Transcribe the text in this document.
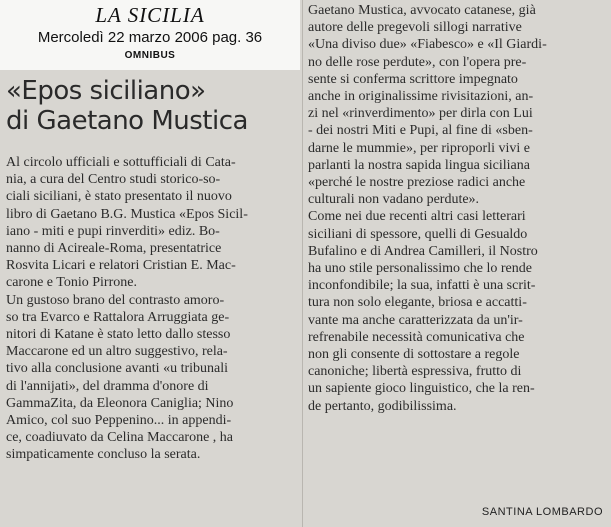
LA SICILIA
Mercoledì 22 marzo 2006 pag. 36
OMNIBUS
«Epos siciliano»
di Gaetano Mustica
Al circolo ufficiali e sottufficiali di Cata-
nia, a cura del Centro studi storico-so-
ciali siciliani, è stato presentato il nuovo
libro di Gaetano B.G. Mustica «Epos Sicil-
iano - miti e pupi rinverditi» ediz. Bo-
nanno di Acireale-Roma, presentatrice
Rosvita Licari e relatori Cristian E. Mac-
carone e Tonio Pirrone.
Un gustoso brano del contrasto amoro-
so tra Evarco e Rattalora Arruggiata ge-
nitori di Katane è stato letto dallo stesso
Maccarone ed un altro suggestivo, rela-
tivo alla conclusione avanti «u tribunali
di l'annijati», del dramma d'onore di
GammaZita, da Eleonora Caniglia; Nino
Amico, col suo Peppenino... in appendi-
ce, coadiuvato da Celina Maccarone , ha
simpaticamente concluso la serata.
Gaetano Mustica, avvocato catanese, già
autore delle pregevoli sillogi narrative
«Una diviso due» «Fiabesco» e «Il Giardi-
no delle rose perdute», con l'opera pre-
sente si conferma scrittore impegnato
anche in originalissime rivisitazioni, an-
zi nel «rinverdimento» per dirla con Lui
- dei nostri Miti e Pupi, al fine di «sben-
darne le mummie», per riproporli vivi e
parlanti la nostra sapida lingua siciliana
«perché le nostre preziose radici anche
culturali non vadano perdute».
Come nei due recenti altri casi letterari
siciliani di spessore, quelli di Gesualdo
Bufalino e di Andrea Camilleri, il Nostro
ha uno stile personalissimo che lo rende
inconfondibile; la sua, infatti è una scrit-
tura non solo elegante, briosa e accatti-
vante ma anche caratterizzata da un'ir-
refrenabile necessità comunicativa che
non gli consente di sottostare a regole
canoniche; libertà espressiva, frutto di
un sapiente gioco linguistico, che la ren-
de pertanto, godibilissima.
SANTINA LOMBARDO
